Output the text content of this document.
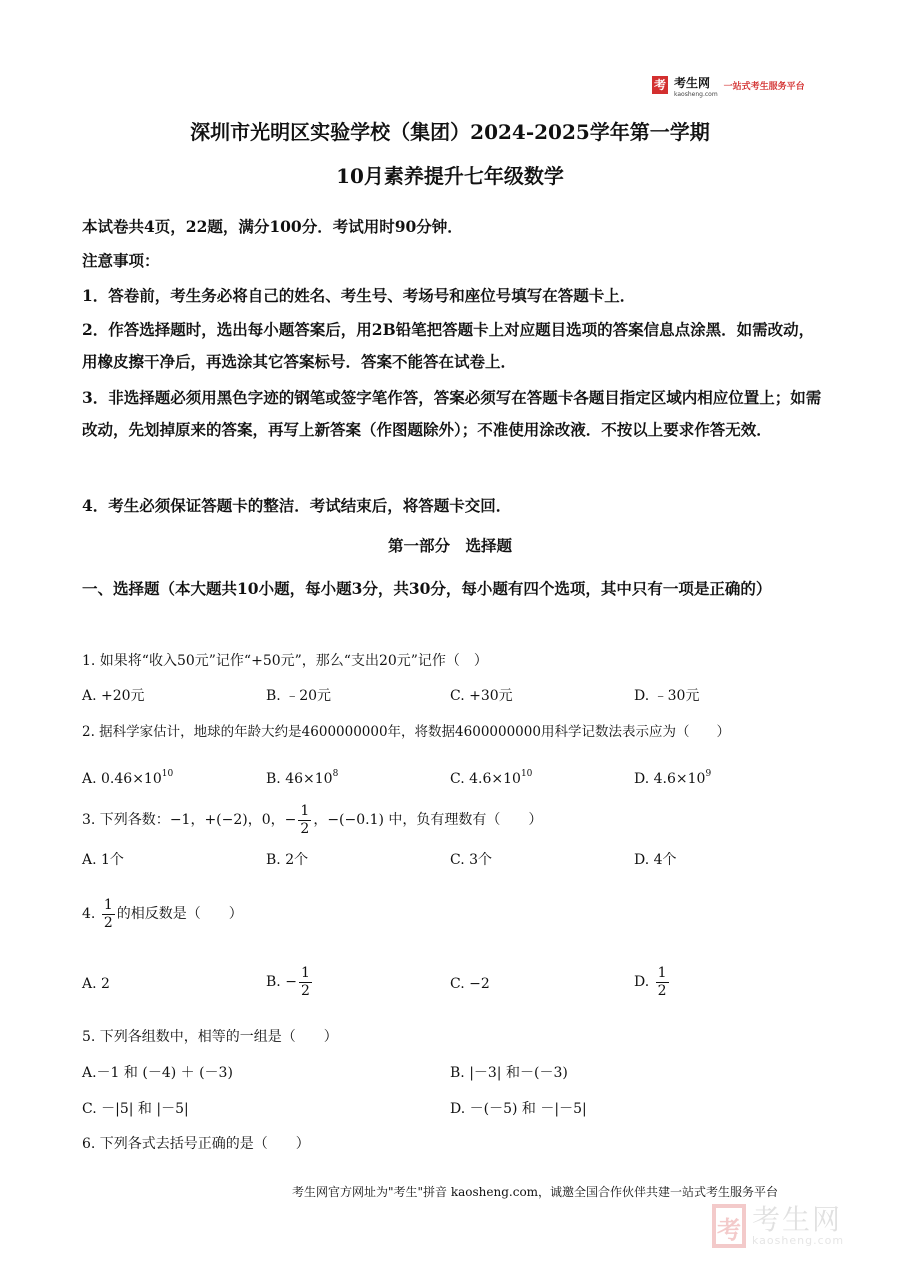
考 考生网
kaosheng.com
一站式考生服务平台
深圳市光明区实验学校（集团）2024-2025学年第一学期
10月素养提升七年级数学
本试卷共4页，22题，满分100分．考试用时90分钟．
注意事项：
1．答卷前，考生务必将自己的姓名、考生号、考场号和座位号填写在答题卡上．
2．作答选择题时，选出每小题答案后，用2B铅笔把答题卡上对应题目选项的答案信息点涂黑．如需改动，用橡皮擦干净后，再选涂其它答案标号．答案不能答在试卷上．
3．非选择题必须用黑色字迹的钢笔或签字笔作答，答案必须写在答题卡各题目指定区域内相应位置上；如需改动，先划掉原来的答案，再写上新答案（作图题除外）；不准使用涂改液．不按以上要求作答无效．
4．考生必须保证答题卡的整洁．考试结束后，将答题卡交回．
第一部分　选择题
一、选择题（本大题共10小题，每小题3分，共30分，每小题有四个选项，其中只有一项是正确的）
1. 如果将“收入50元”记作“+50元”，那么“支出20元”记作（　）
A. +20元	B. ﹣20元	C. +30元	D. ﹣30元
2. 据科学家估计，地球的年龄大约是4600000000年，将数据4600000000用科学记数法表示应为（　　）
A. $0.46\times 10^{10}$	B. $46\times 10^8$	C. $4.6\times 10^{10}$	D. $4.6\times 10^9$
3. 下列各数：−1，+(−2)，0，− $\frac{1}{2}$ ，−(−0.1) 中，负有理数有（　　）
A. 1个	B. 2个	C. 3个	D. 4个
4. $\frac{1}{2}$ 的相反数是（　　）
A. 2	B. − $\frac{1}{2}$	C. −2	D. $\frac{1}{2}$
5. 下列各组数中，相等的一组是（　　）
A.－1 和 (－4) ＋ (－3)	B. |－3| 和－(－3)
C. －|5| 和 |－5|	D. －(－5) 和 －|－5|
6. 下列各式去括号正确的是（　　）
考生网官方网址为"考生"拼音 kaosheng.com，诚邀全国合作伙伴共建一站式考生服务平台
考 考生网
kaosheng.com
